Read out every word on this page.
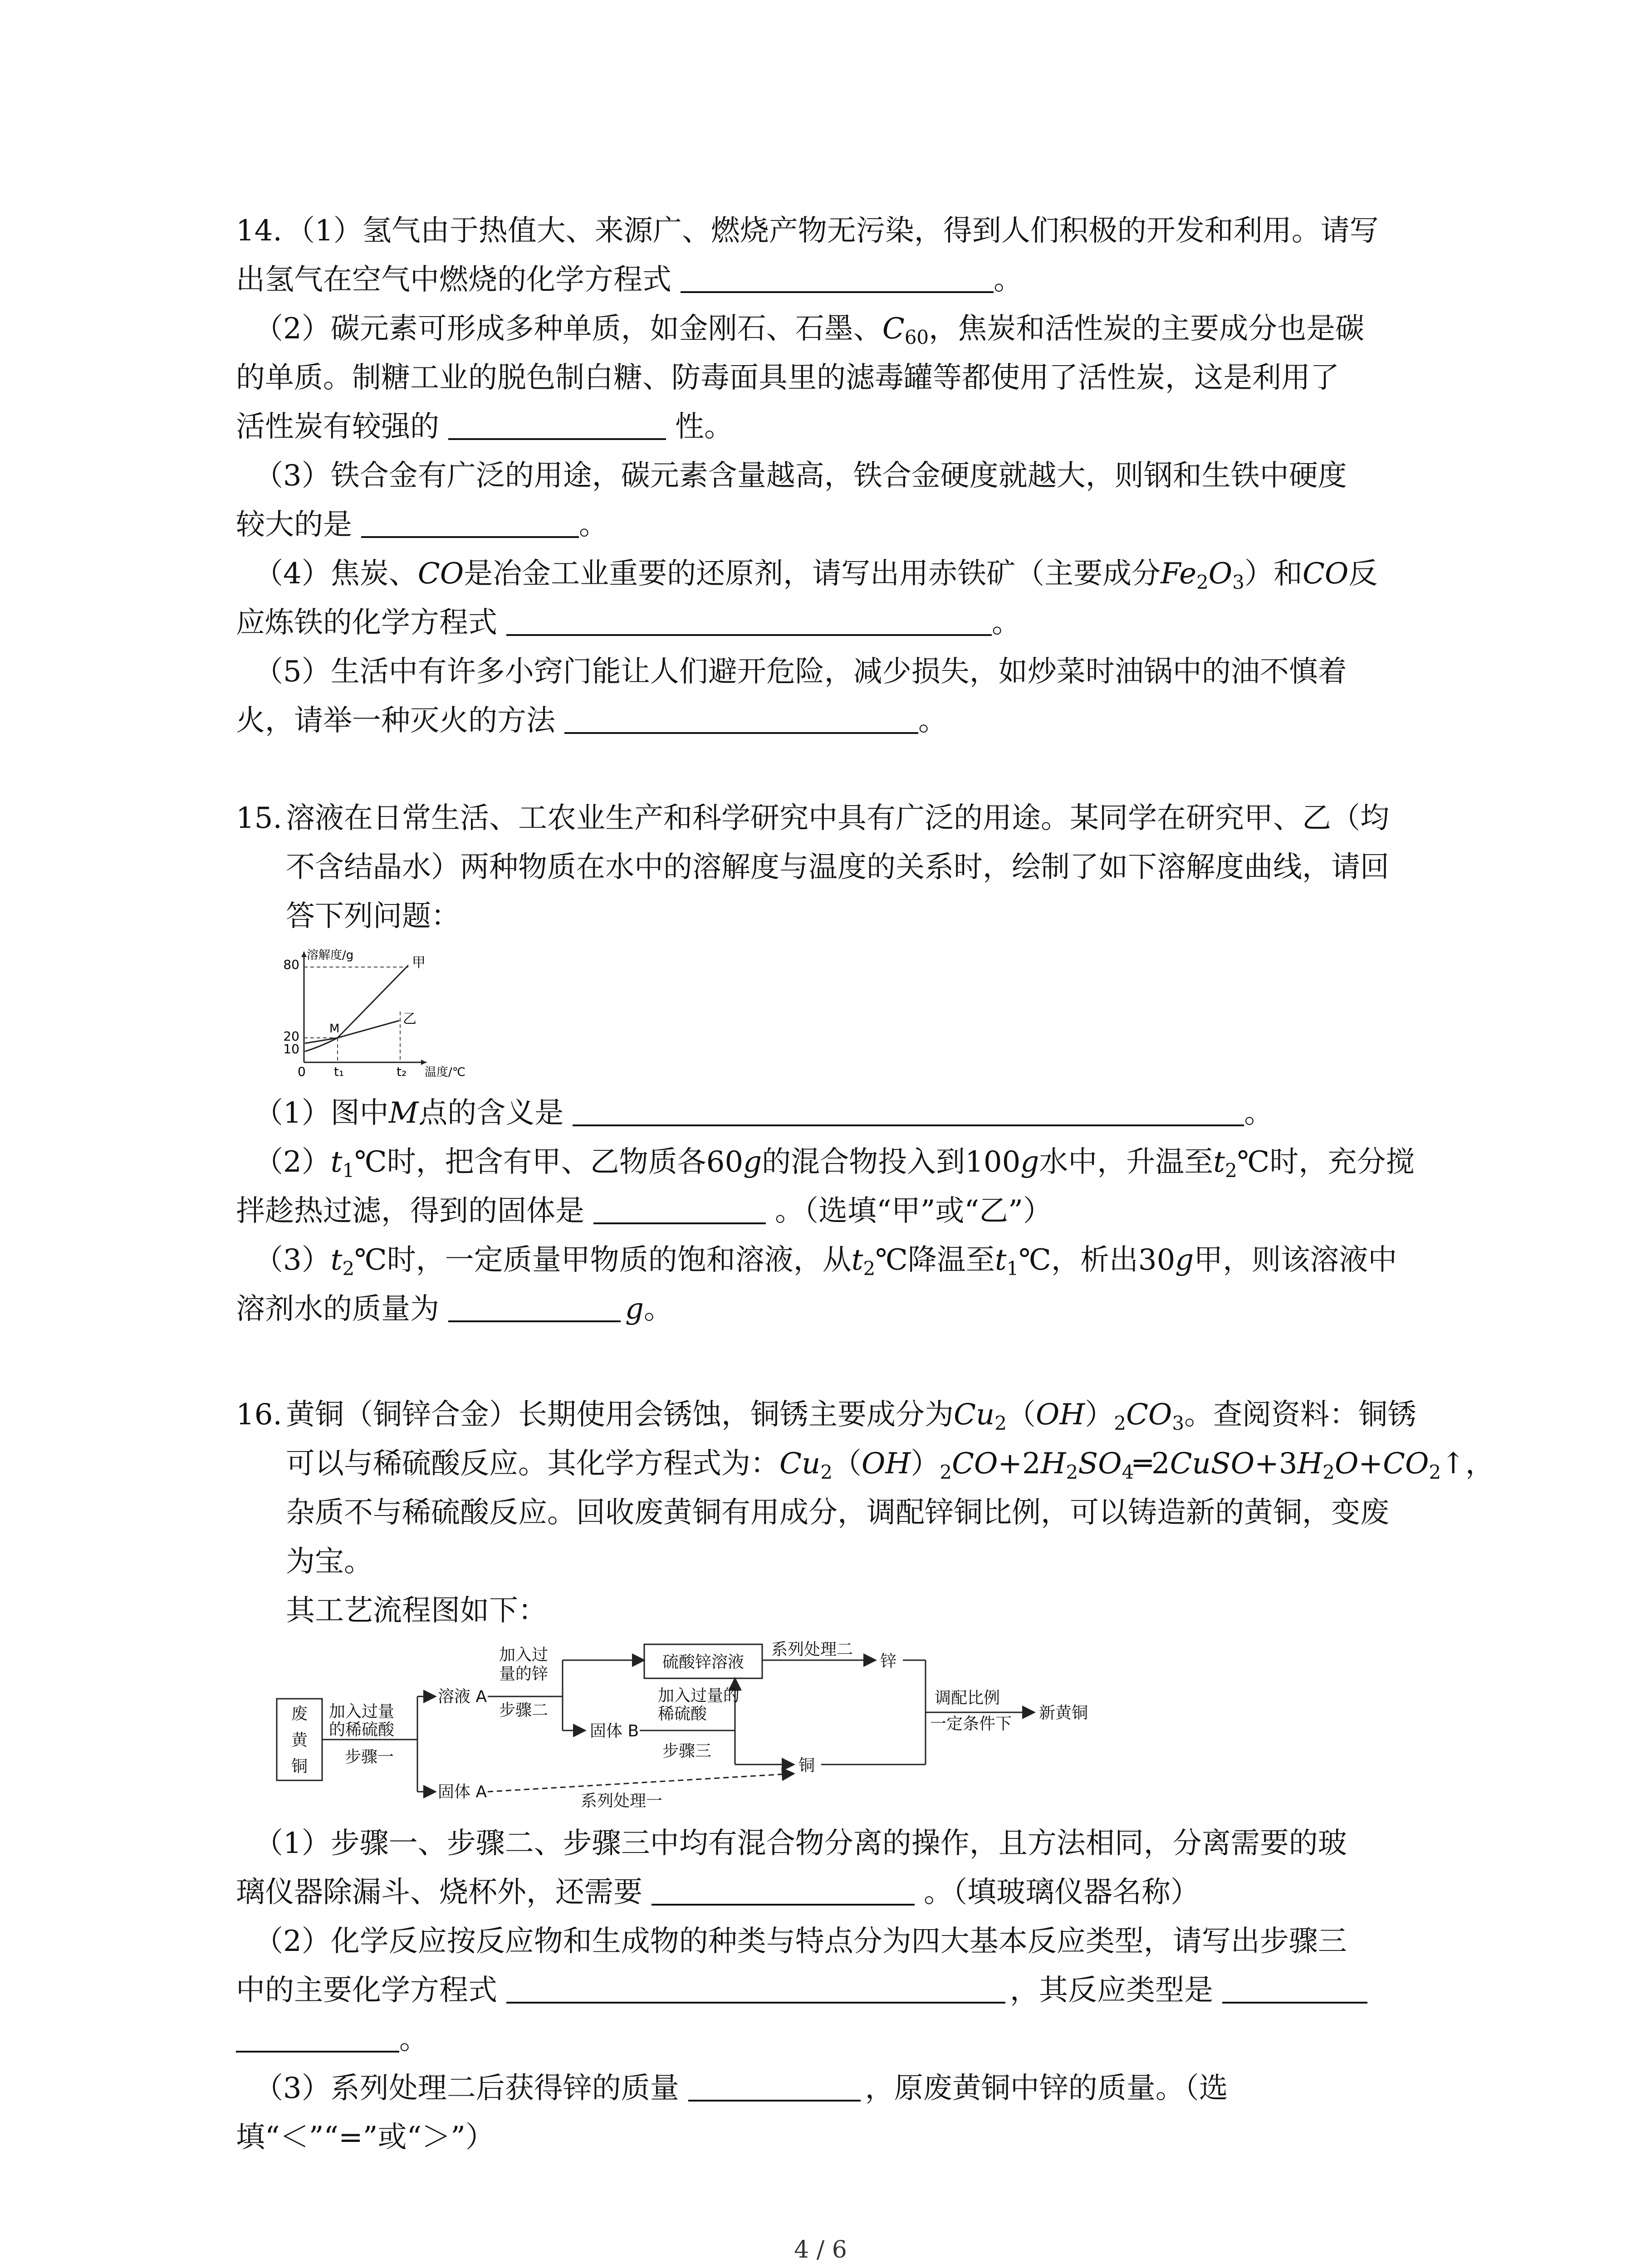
14. （1）氢气由于热值大、来源广、燃烧产物无污染，得到人们积极的开发和利用。请写
出氢气在空气中燃烧的化学方程式	。
（2）碳元素可形成多种单质，如金刚石、石墨、$C_{60}$，焦炭和活性炭的主要成分也是碳
的单质。制糖工业的脱色制白糖、防毒面具里的滤毒罐等都使用了活性炭，这是利用了
活性炭有较强的	性。
（3）铁合金有广泛的用途，碳元素含量越高，铁合金硬度就越大，则钢和生铁中硬度
较大的是	。
（4）焦炭、CO是冶金工业重要的还原剂，请写出用赤铁矿（主要成分$Fe_2O_3$）和CO反
应炼铁的化学方程式	。
（5）生活中有许多小窍门能让人们避开危险，减少损失，如炒菜时油锅中的油不慎着
火，请举一种灭火的方法	。
15. 溶液在日常生活、工农业生产和科学研究中具有广泛的用途。某同学在研究甲、乙（均
不含结晶水）两种物质在水中的溶解度与温度的关系时，绘制了如下溶解度曲线，请回
答下列问题：
溶解度/g
温度/℃
80
20
10
0 t₁	t₂
甲
乙
M
（1）图中M点的含义是	。
$(2)t_1℃$时，把含有甲、乙物质各60g的混合物投入到100g水中，升温至$t_2℃$时，充分搅
拌趁热过滤，得到的固体是	。（选填“甲”或“乙”）
$(3)t_2℃$时，一定质量甲物质的饱和溶液，从$t_2℃$降温至$t_1℃$，析出30g甲，则该溶液中
溶剂水的质量为	g。
16. 黄铜（铜锌合金）长期使用会锈蚀，铜锈主要成分为$Cu_2(OH)_2CO_3$。查阅资料：铜锈
可以与稀硫酸反应。其化学方程式为：$Cu_2(OH)_2CO+2H_2SO_4═2CuSO+3H_2O+CO_2↑$，
杂质不与稀硫酸反应。回收废黄铜有用成分，调配锌铜比例，可以铸造新的黄铜，变废
为宝。
其工艺流程图如下：
废
黄
铜
加入过量
的稀硫酸
步骤一
溶液 A
加入过
量的锌
步骤二
硫酸锌溶液
系列处理二
锌
加入过量的
稀硫酸
固体 B
步骤三
铜
固体 A	系列处理一
调配比例
一定条件下
新黄铜
（1）步骤一、步骤二、步骤三中均有混合物分离的操作，且方法相同，分离需要的玻
璃仪器除漏斗、烧杯外，还需要	。（填玻璃仪器名称）
（2）化学反应按反应物和生成物的种类与特点分为四大基本反应类型，请写出步骤三
中的主要化学方程式	，其反应类型是
。
（3）系列处理二后获得锌的质量	，原废黄铜中锌的质量。（选
填“＜”“=”或“＞”）
4 / 6
